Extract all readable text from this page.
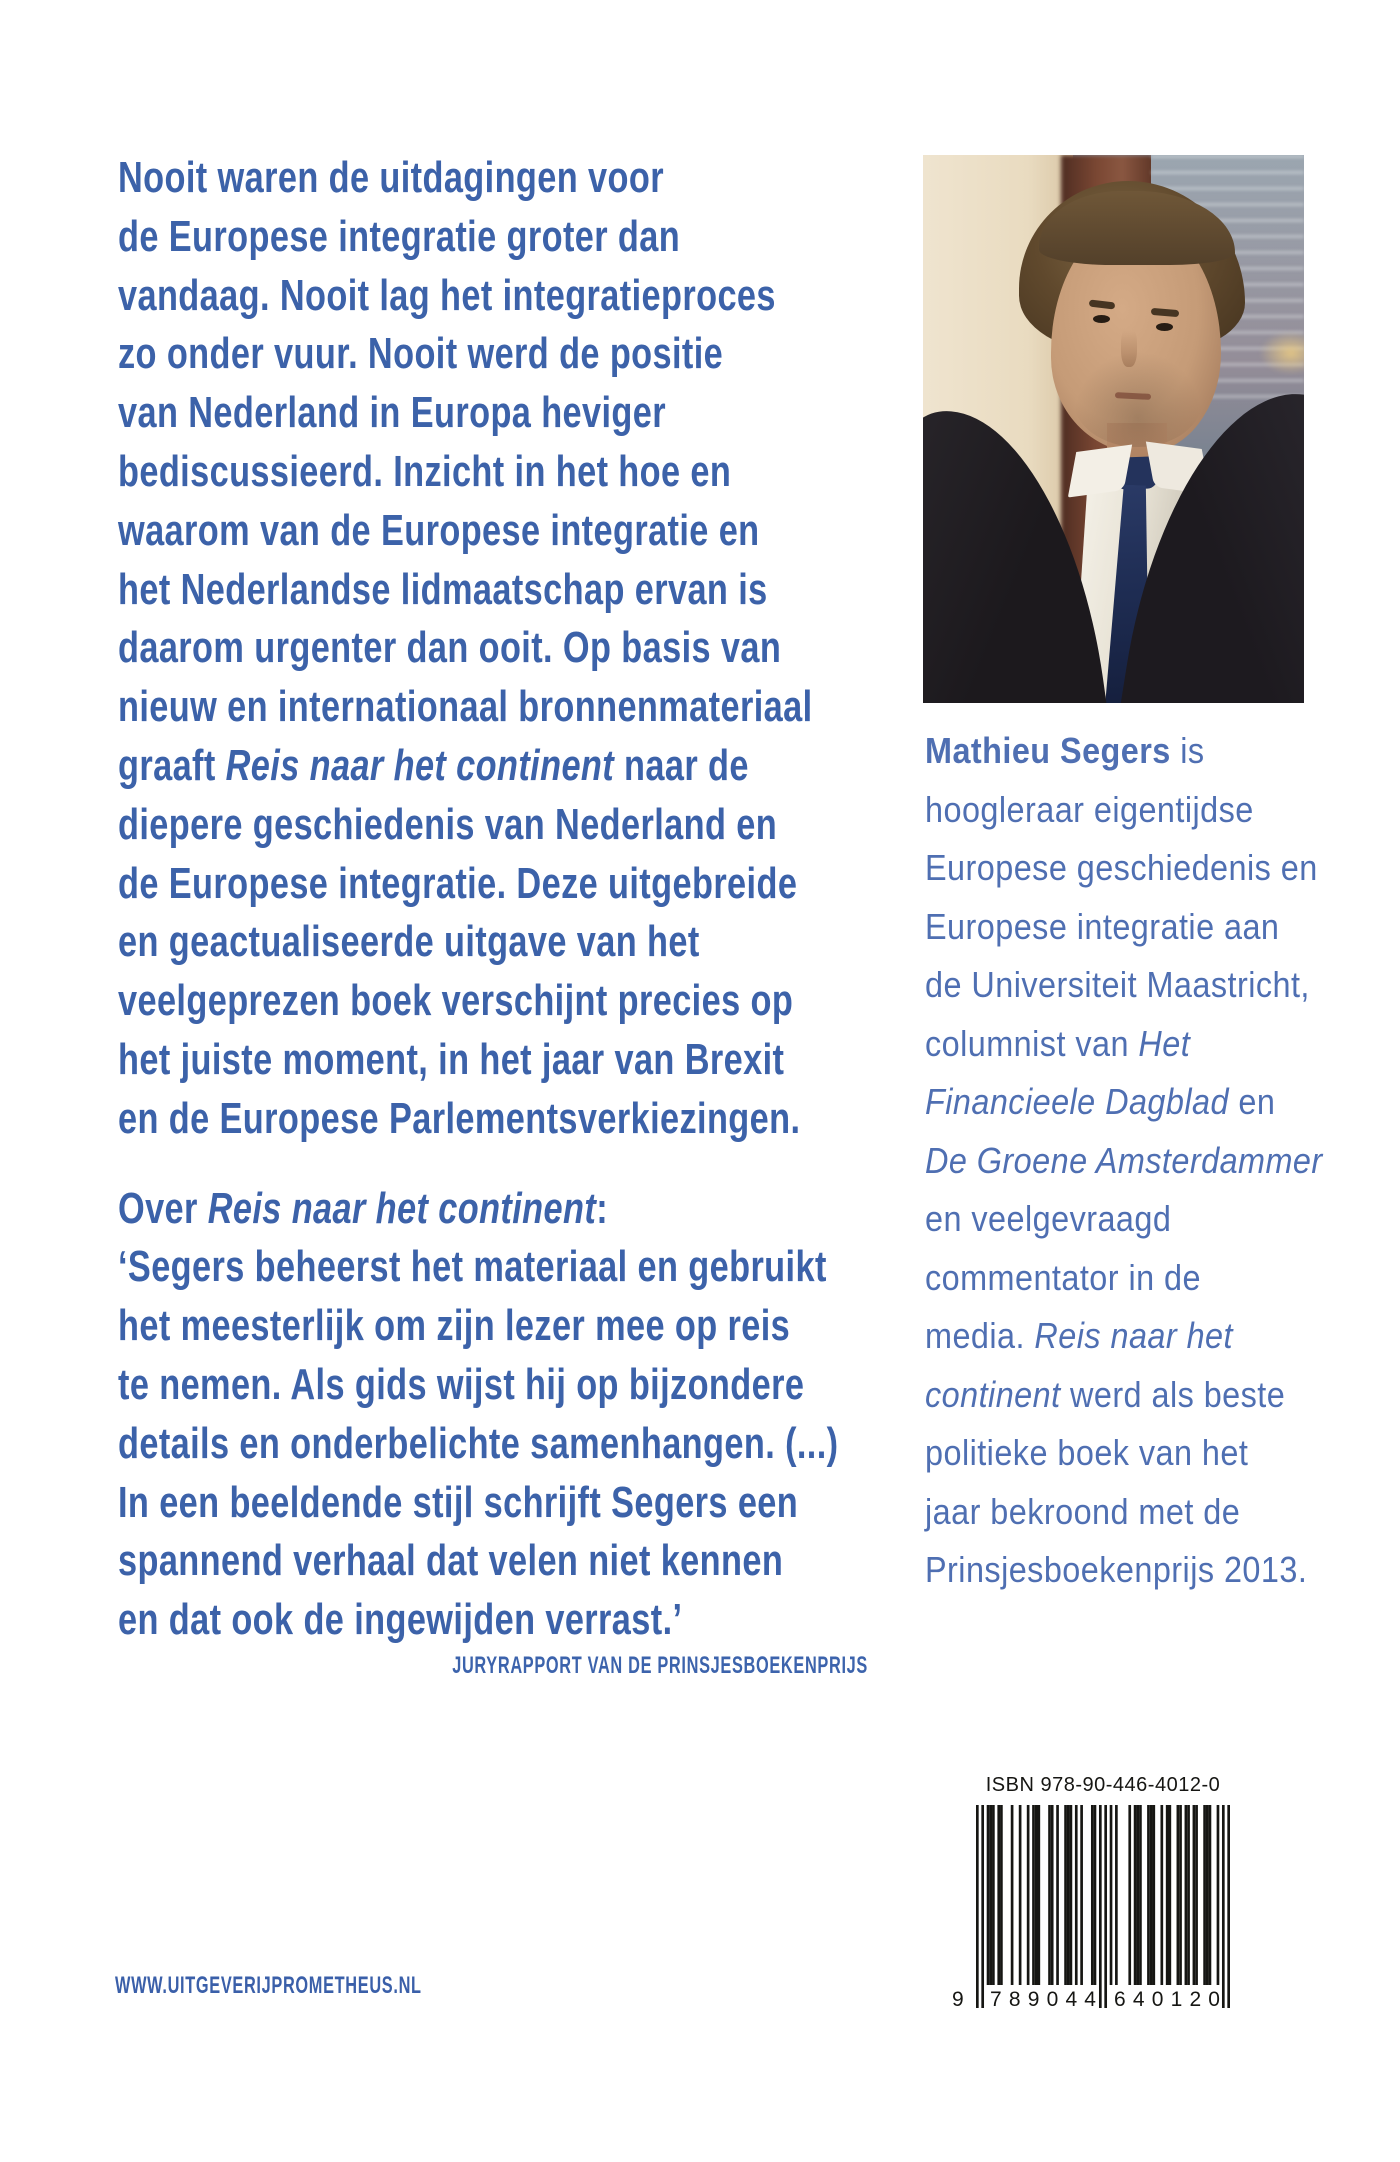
Nooit waren de uitdagingen voor
de Europese integratie groter dan
vandaag. Nooit lag het integratieproces
zo onder vuur. Nooit werd de positie
van Nederland in Europa heviger
bediscussieerd. Inzicht in het hoe en
waarom van de Europese integratie en
het Nederlandse lidmaatschap ervan is
daarom urgenter dan ooit. Op basis van
nieuw en internationaal bronnenmateriaal
graaft Reis naar het continent naar de
diepere geschiedenis van Nederland en
de Europese integratie. Deze uitgebreide
en geactualiseerde uitgave van het
veelgeprezen boek verschijnt precies op
het juiste moment, in het jaar van Brexit
en de Europese Parlementsverkiezingen.
Over Reis naar het continent:
‘Segers beheerst het materiaal en gebruikt
het meesterlijk om zijn lezer mee op reis
te nemen. Als gids wijst hij op bijzondere
details en onderbelichte samenhangen. (...)
In een beeldende stijl schrijft Segers een
spannend verhaal dat velen niet kennen
en dat ook de ingewijden verrast.’
JURYRAPPORT VAN DE PRINSJESBOEKENPRIJS
Mathieu Segers is
hoogleraar eigentijdse
Europese geschiedenis en
Europese integratie aan
de Universiteit Maastricht,
columnist van Het
Financieele Dagblad en
De Groene Amsterdammer
en veelgevraagd
commentator in de
media. Reis naar het
continent werd als beste
politieke boek van het
jaar bekroond met de
Prinsjesboekenprijs 2013.
ISBN 978-90-446-4012-0
9 7 8 9 0 4 4 6 4 0 1 2 0
WWW.UITGEVERIJPROMETHEUS.NL
